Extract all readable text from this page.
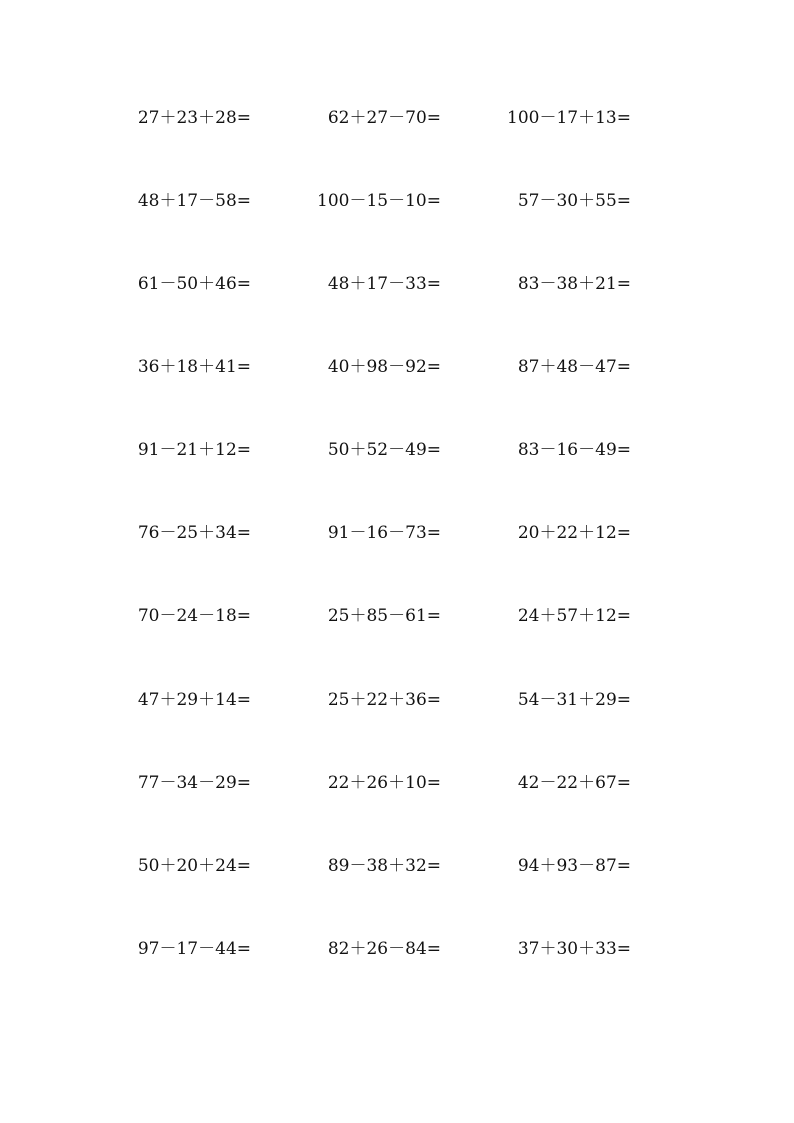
27＋23＋28=	62＋27－70=	100－17＋13=
48＋17－58=	100－15－10=	57－30＋55=
61－50＋46=	48＋17－33=	83－38＋21=
36＋18＋41=	40＋98－92=	87＋48－47=
91－21＋12=	50＋52－49=	83－16－49=
76－25＋34=	91－16－73=	20＋22＋12=
70－24－18=	25＋85－61=	24＋57＋12=
47＋29＋14=	25＋22＋36=	54－31＋29=
77－34－29=	22＋26＋10=	42－22＋67=
50＋20＋24=	89－38＋32=	94＋93－87=
97－17－44=	82＋26－84=	37＋30＋33=
